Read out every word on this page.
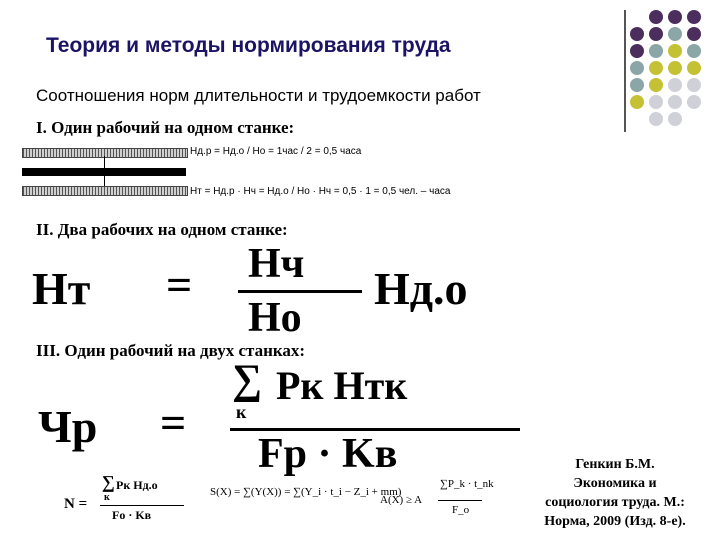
Теория и методы нормирования труда
Соотношения норм длительности и трудоемкости работ
I. Один рабочий на одном станке:
Hд.р = Hд.о / Hо = 1час / 2 = 0,5 часа
Hт = Hд.р · Hч = Hд.о / Hо · Hч = 0,5 · 1 = 0,5 чел. – часа
II. Два рабочих на одном станке:
Hт = Hч
Hо
Hд.о
III. Один рабочий на двух станках:
Чр =
∑ Pк Hтк
к
Fр · Kв
N =
∑ Pк Hд.о
к
Fо · Kв
S(X) = ∑(Y(X)) = ∑(Y_i · t_i − Z_i + mm)
A(X) ≥ A
∑P_k · t_nk
F_o
Генкин Б.М.
Экономика и
социология труда. М.:
Норма, 2009 (Изд. 8-е).
